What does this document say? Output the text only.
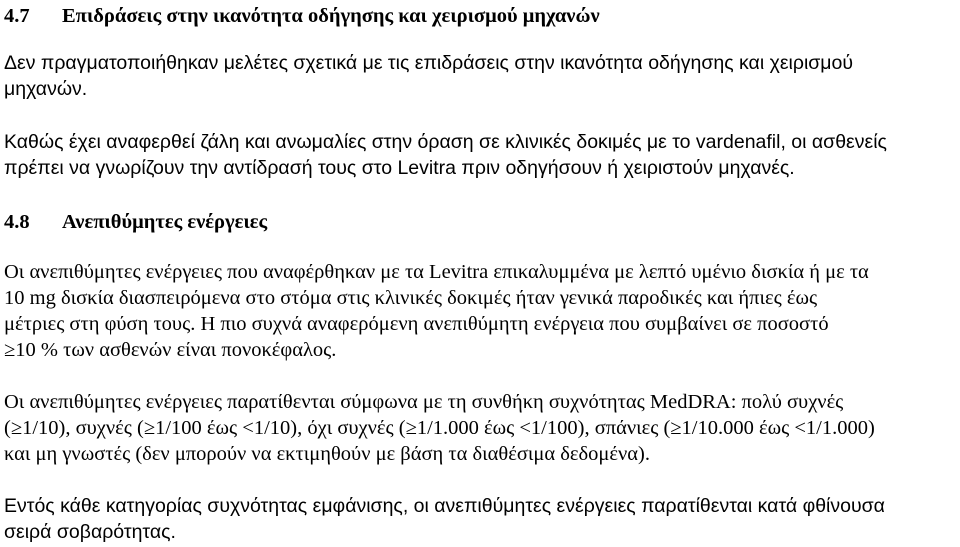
4.7 Επιδράσεις στην ικανότητα οδήγησης και χειρισμού μηχανών
Δεν πραγματοποιήθηκαν μελέτες σχετικά με τις επιδράσεις στην ικανότητα οδήγησης και χειρισμού
μηχανών.
Καθώς έχει αναφερθεί ζάλη και ανωμαλίες στην όραση σε κλινικές δοκιμές με το vardenafil, οι ασθενείς
πρέπει να γνωρίζουν την αντίδρασή τους στο Levitra πριν οδηγήσουν ή χειριστούν μηχανές.
4.8 Ανεπιθύμητες ενέργειες
Οι ανεπιθύμητες ενέργειες που αναφέρθηκαν με τα Levitra επικαλυμμένα με λεπτό υμένιο δισκία ή με τα
10 mg δισκία διασπειρόμενα στο στόμα στις κλινικές δοκιμές ήταν γενικά παροδικές και ήπιες έως
μέτριες στη φύση τους. Η πιο συχνά αναφερόμενη ανεπιθύμητη ενέργεια που συμβαίνει σε ποσοστό
≥10 % των ασθενών είναι πονοκέφαλος.
Οι ανεπιθύμητες ενέργειες παρατίθενται σύμφωνα με τη συνθήκη συχνότητας MedDRA: πολύ συχνές
(≥1/10), συχνές (≥1/100 έως <1/10), όχι συχνές (≥1/1.000 έως <1/100), σπάνιες (≥1/10.000 έως <1/1.000)
και μη γνωστές (δεν μπορούν να εκτιμηθούν με βάση τα διαθέσιμα δεδομένα).
Εντός κάθε κατηγορίας συχνότητας εμφάνισης, οι ανεπιθύμητες ενέργειες παρατίθενται κατά φθίνουσα
σειρά σοβαρότητας.
